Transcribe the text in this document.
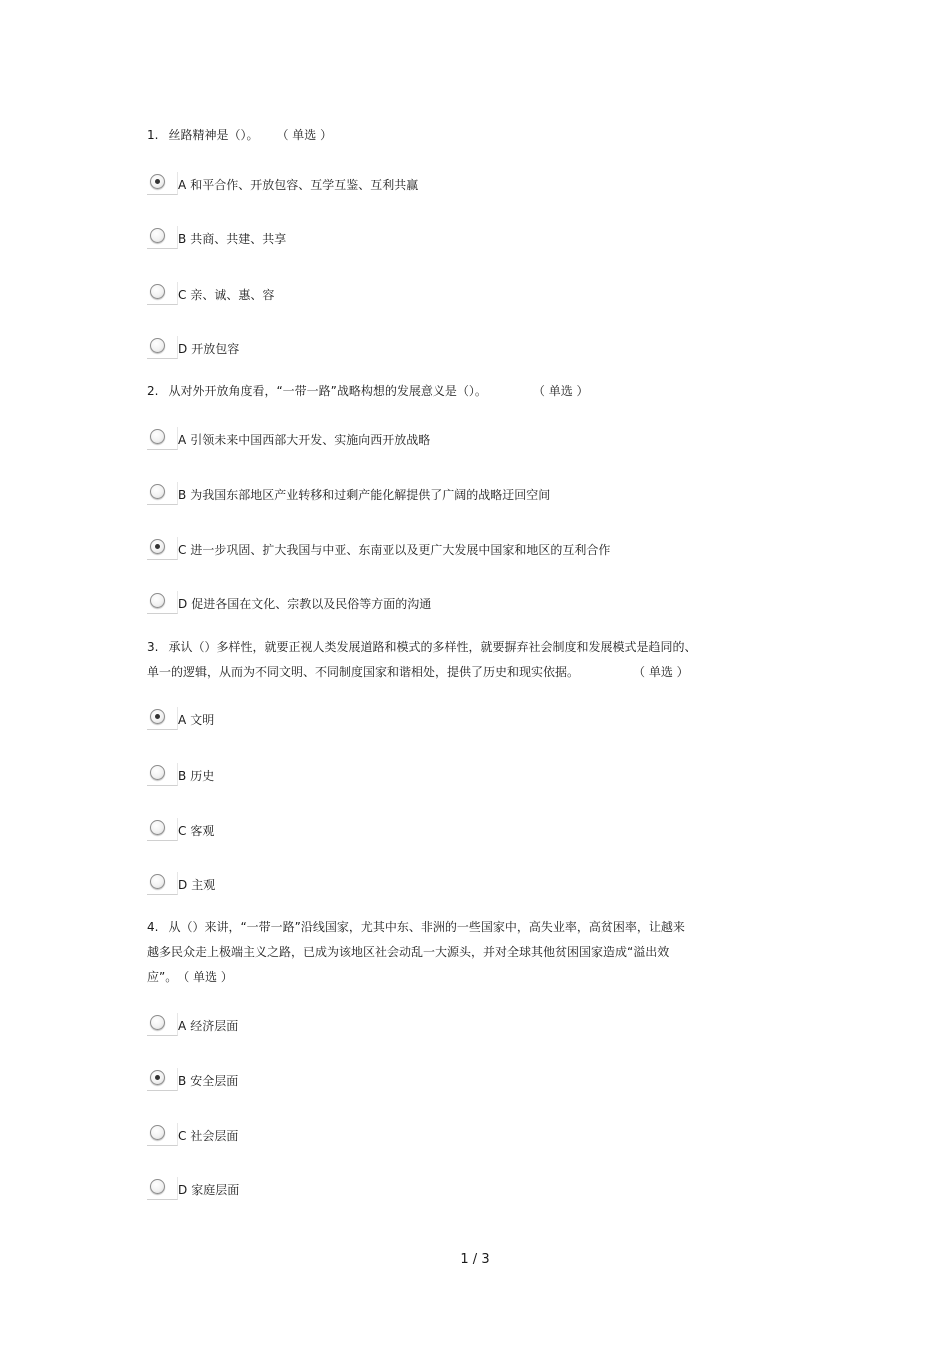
1. 丝路精神是（）。 （ 单选 ）
A 和平合作、开放包容、互学互鉴、互利共赢
B 共商、共建、共享
C 亲、诚、惠、容
D 开放包容
2. 从对外开放角度看，“一带一路”战略构想的发展意义是（）。	（ 单选 ）
A 引领未来中国西部大开发、实施向西开放战略
B 为我国东部地区产业转移和过剩产能化解提供了广阔的战略迂回空间
C 进一步巩固、扩大我国与中亚、东南亚以及更广大发展中国家和地区的互利合作
D 促进各国在文化、宗教以及民俗等方面的沟通
3. 承认（）多样性，就要正视人类发展道路和模式的多样性，就要摒弃社会制度和发展模式是趋同的、
单一的逻辑，从而为不同文明、不同制度国家和谐相处，提供了历史和现实依据。	（ 单选 ）
A 文明
B 历史
C 客观
D 主观
4. 从（）来讲，“一带一路”沿线国家，尤其中东、非洲的一些国家中，高失业率，高贫困率，让越来
越多民众走上极端主义之路，已成为该地区社会动乱一大源头，并对全球其他贫困国家造成“溢出效
应”。 （ 单选 ）
A 经济层面
B 安全层面
C 社会层面
D 家庭层面
1 / 3
